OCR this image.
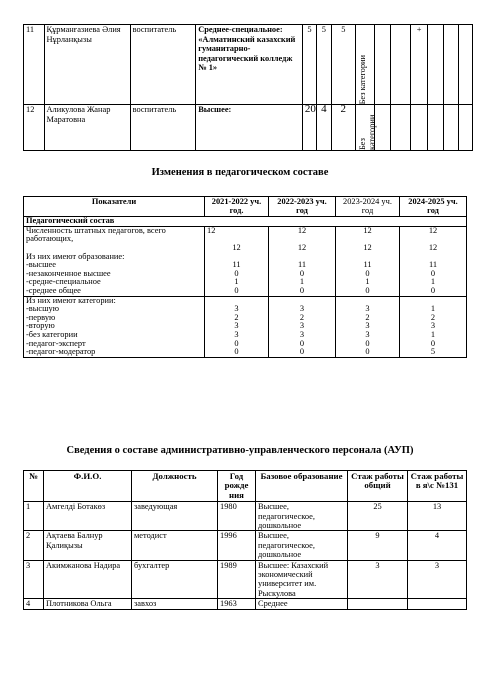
11	Құрманғазиева Әлия Нұрланқызы	воспитатель	Среднее-специальное: «Алматинский казахский гуманитарно-педагогический колледж № 1»	5	5	5	Без категории			+			
12	Аликулова Жанар Маратовна	воспитатель	Высшее:	20	4	2	Без категории						

Изменения в педагогическом составе
Показатели	2021-2022 уч. год.	2022-2023 уч. год	2023-2024 уч. год	2024-2025 уч. год
Педагогический состав				
Численность штатных педагогов, всего работающих,	12	12	12	12
	12	12	12	12
Из них имеют образование:				
-высшее	11	11	11	11
-незаконченное высшее	0	0	0	0
-средне-специальное	1	1	1	1
-среднее общее	0	0	0	0
Из них имеют категории:				
-высшую	3	3	3	1
-первую	2	2	2	2
-вторую	3	3	3	3
-без категории	3	3	3	1
-педагог-эксперт	0	0	0	0
-педагог-модератор	0	0	0	5
Сведения о составе административно-управленческого персонала (АУП)
№	Ф.И.О.	Должность	Год рожде ния	Базовое образование	Стаж работы общий	Стаж работы в я\с №131
1	Амгелді Ботакөз	заведующая	1980	Высшее, педагогическое, дошкольное	25	13
2	Ақтаева Балнур Қалиқызы	методист	1996	Высшее, педагогическое, дошкольное	9	4
3	Акимжанова Надира	бухгалтер	1989	Высшее: Казахский экономический университет им. Рыскулова	3	3
4	Плотникова Ольга	завхоз	1963	Среднее		
